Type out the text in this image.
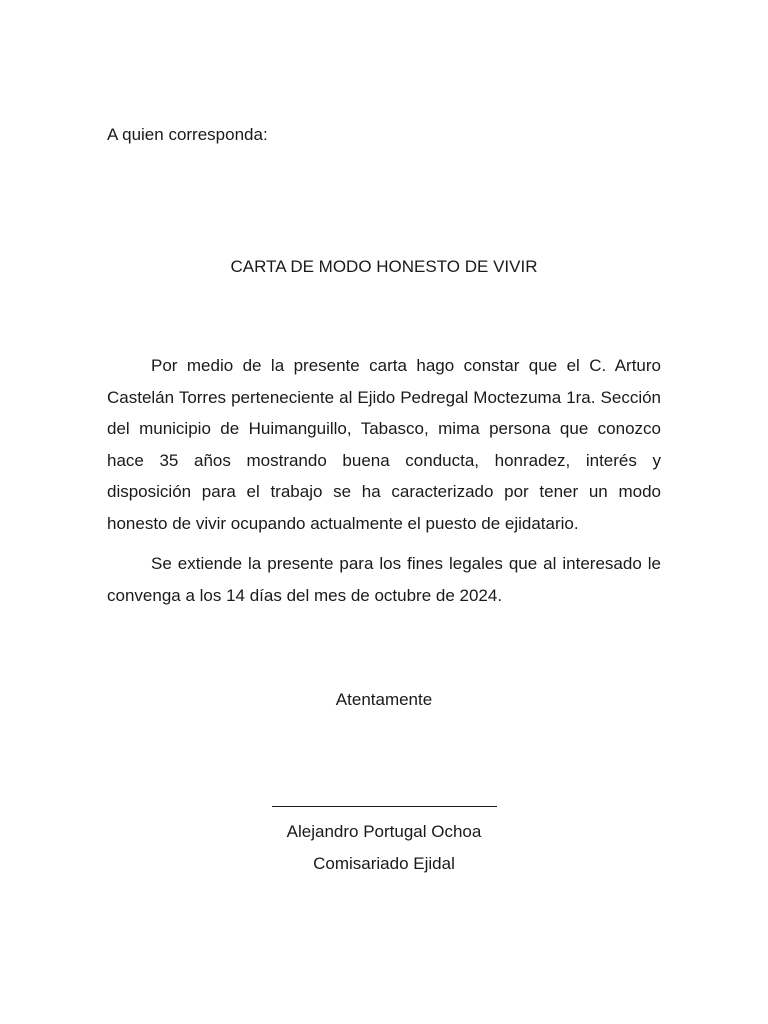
A quien corresponda:

CARTA DE MODO HONESTO DE VIVIR

Por medio de la presente carta hago constar que el C. Arturo Castelán Torres perteneciente al Ejido Pedregal Moctezuma 1ra. Sección del municipio de Huimanguillo, Tabasco, mima persona que conozco hace 35 años mostrando buena conducta, honradez, interés y disposición para el trabajo se ha caracterizado por tener un modo honesto de vivir ocupando actualmente el puesto de ejidatario.

Se extiende la presente para los fines legales que al interesado le convenga a los 14 días del mes de octubre de 2024.

Atentamente

Alejandro Portugal Ochoa

Comisariado Ejidal
